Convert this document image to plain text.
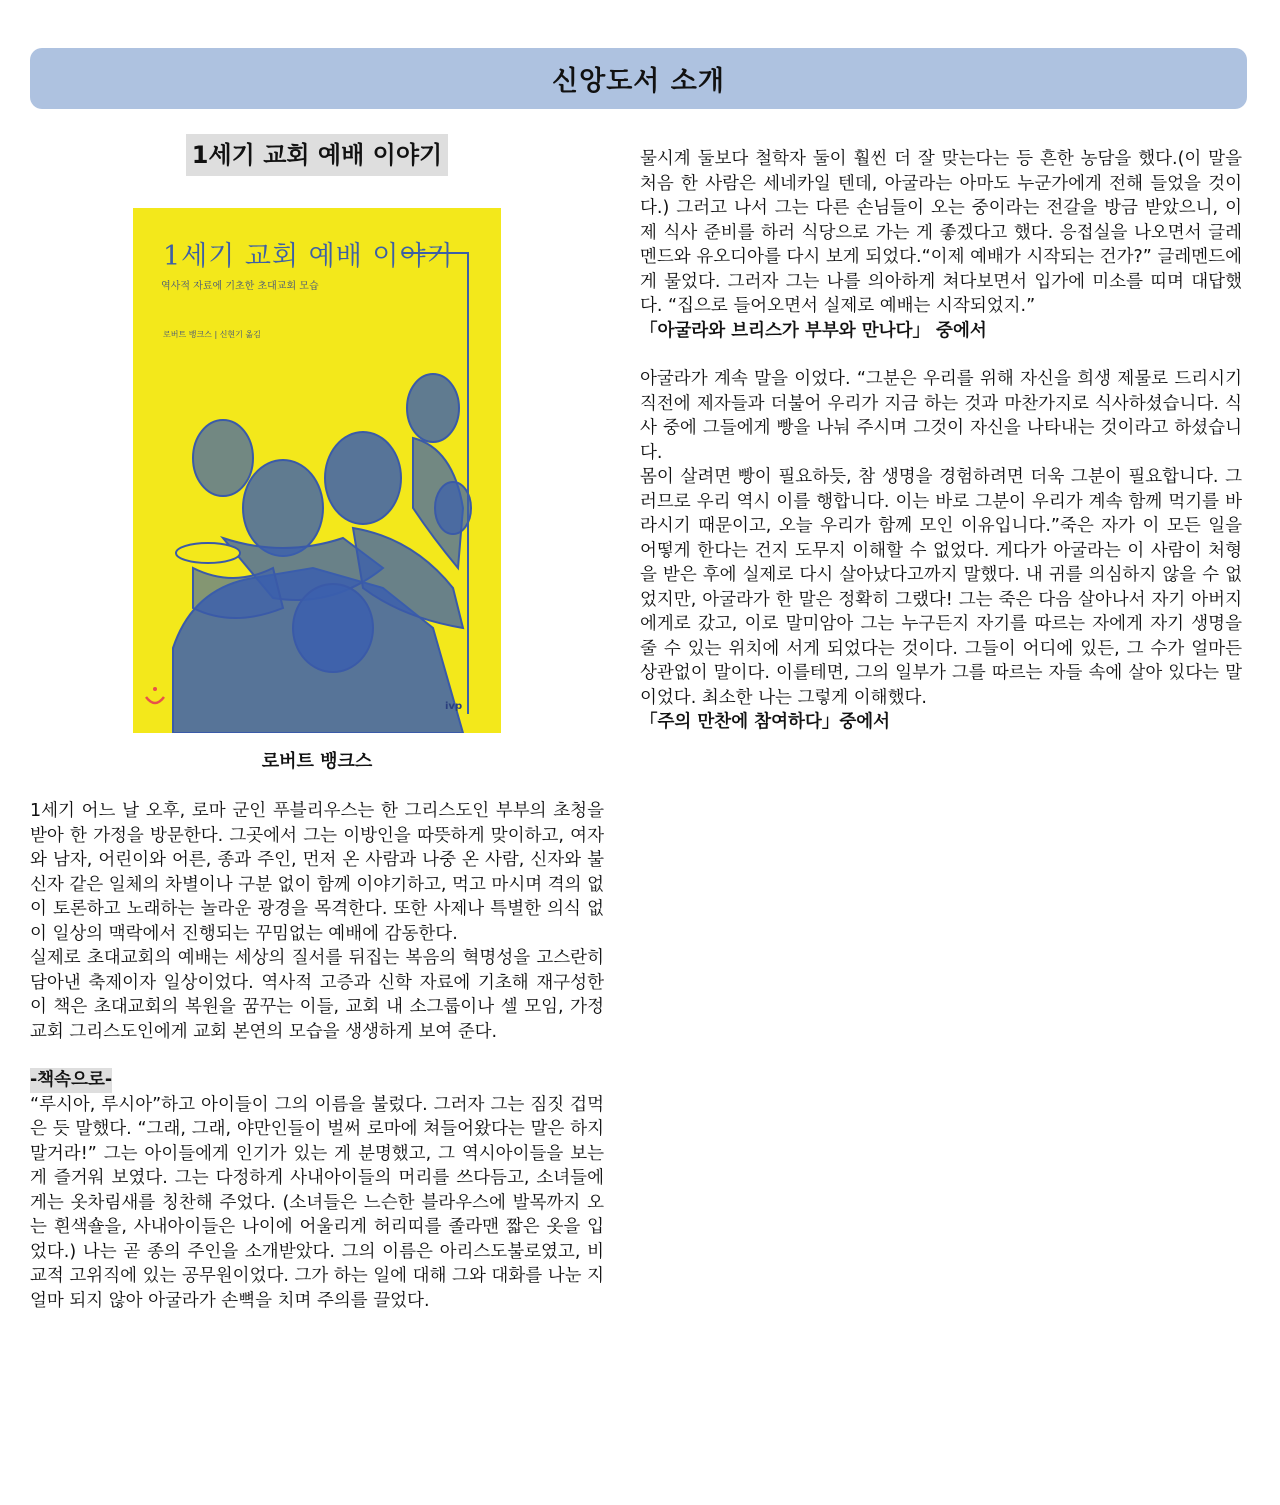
신앙도서 소개
1세기 교회 예배 이야기
1세기 교회 예배 이야기
역사적 자료에 기초한 초대교회 모습
로버트 뱅크스 | 신현기 옮김
ivp
로버트 뱅크스

1세기 어느 날 오후, 로마 군인 푸블리우스는 한 그리스도인 부부의 초청을 받아 한 가정을 방문한다. 그곳에서 그는 이방인을 따뜻하게 맞이하고, 여자와 남자, 어린이와 어른, 종과 주인, 먼저 온 사람과 나중 온 사람, 신자와 불신자 같은 일체의 차별이나 구분 없이 함께 이야기하고, 먹고 마시며 격의 없이 토론하고 노래하는 놀라운 광경을 목격한다. 또한 사제나 특별한 의식 없이 일상의 맥락에서 진행되는 꾸밈없는 예배에 감동한다.

실제로 초대교회의 예배는 세상의 질서를 뒤집는 복음의 혁명성을 고스란히 담아낸 축제이자 일상이었다. 역사적 고증과 신학 자료에 기초해 재구성한 이 책은 초대교회의 복원을 꿈꾸는 이들, 교회 내 소그룹이나 셀 모임, 가정교회 그리스도인에게 교회 본연의 모습을 생생하게 보여 준다.

-책속으로-

“루시아, 루시아”하고 아이들이 그의 이름을 불렀다. 그러자 그는 짐짓 겁먹은 듯 말했다. “그래, 그래, 야만인들이 벌써 로마에 쳐들어왔다는 말은 하지 말거라!” 그는 아이들에게 인기가 있는 게 분명했고, 그 역시아이들을 보는 게 즐거워 보였다. 그는 다정하게 사내아이들의 머리를 쓰다듬고, 소녀들에게는 옷차림새를 칭찬해 주었다. (소녀들은 느슨한 블라우스에 발목까지 오는 흰색숄을, 사내아이들은 나이에 어울리게 허리띠를 졸라맨 짧은 옷을 입었다.) 나는 곧 종의 주인을 소개받았다. 그의 이름은 아리스도불로였고, 비교적 고위직에 있는 공무원이었다. 그가 하는 일에 대해 그와 대화를 나눈 지 얼마 되지 않아 아굴라가 손뼉을 치며 주의를 끌었다.

물시계 둘보다 철학자 둘이 훨씬 더 잘 맞는다는 등 흔한 농담을 했다.(이 말을 처음 한 사람은 세네카일 텐데, 아굴라는 아마도 누군가에게 전해 들었을 것이다.) 그러고 나서 그는 다른 손님들이 오는 중이라는 전갈을 방금 받았으니, 이제 식사 준비를 하러 식당으로 가는 게 좋겠다고 했다. 응접실을 나오면서 글레멘드와 유오디아를 다시 보게 되었다.“이제 예배가 시작되는 건가?” 글레멘드에게 물었다. 그러자 그는 나를 의아하게 쳐다보면서 입가에 미소를 띠며 대답했다. “집으로 들어오면서 실제로 예배는 시작되었지.”

「아굴라와 브리스가 부부와 만나다」 중에서

아굴라가 계속 말을 이었다. “그분은 우리를 위해 자신을 희생 제물로 드리시기 직전에 제자들과 더불어 우리가 지금 하는 것과 마찬가지로 식사하셨습니다. 식사 중에 그들에게 빵을 나눠 주시며 그것이 자신을 나타내는 것이라고 하셨습니다.

몸이 살려면 빵이 필요하듯, 참 생명을 경험하려면 더욱 그분이 필요합니다. 그러므로 우리 역시 이를 행합니다. 이는 바로 그분이 우리가 계속 함께 먹기를 바라시기 때문이고, 오늘 우리가 함께 모인 이유입니다.”죽은 자가 이 모든 일을 어떻게 한다는 건지 도무지 이해할 수 없었다. 게다가 아굴라는 이 사람이 처형을 받은 후에 실제로 다시 살아났다고까지 말했다. 내 귀를 의심하지 않을 수 없었지만, 아굴라가 한 말은 정확히 그랬다! 그는 죽은 다음 살아나서 자기 아버지에게로 갔고, 이로 말미암아 그는 누구든지 자기를 따르는 자에게 자기 생명을 줄 수 있는 위치에 서게 되었다는 것이다. 그들이 어디에 있든, 그 수가 얼마든 상관없이 말이다. 이를테면, 그의 일부가 그를 따르는 자들 속에 살아 있다는 말이었다. 최소한 나는 그렇게 이해했다.

「주의 만찬에 참여하다」중에서
